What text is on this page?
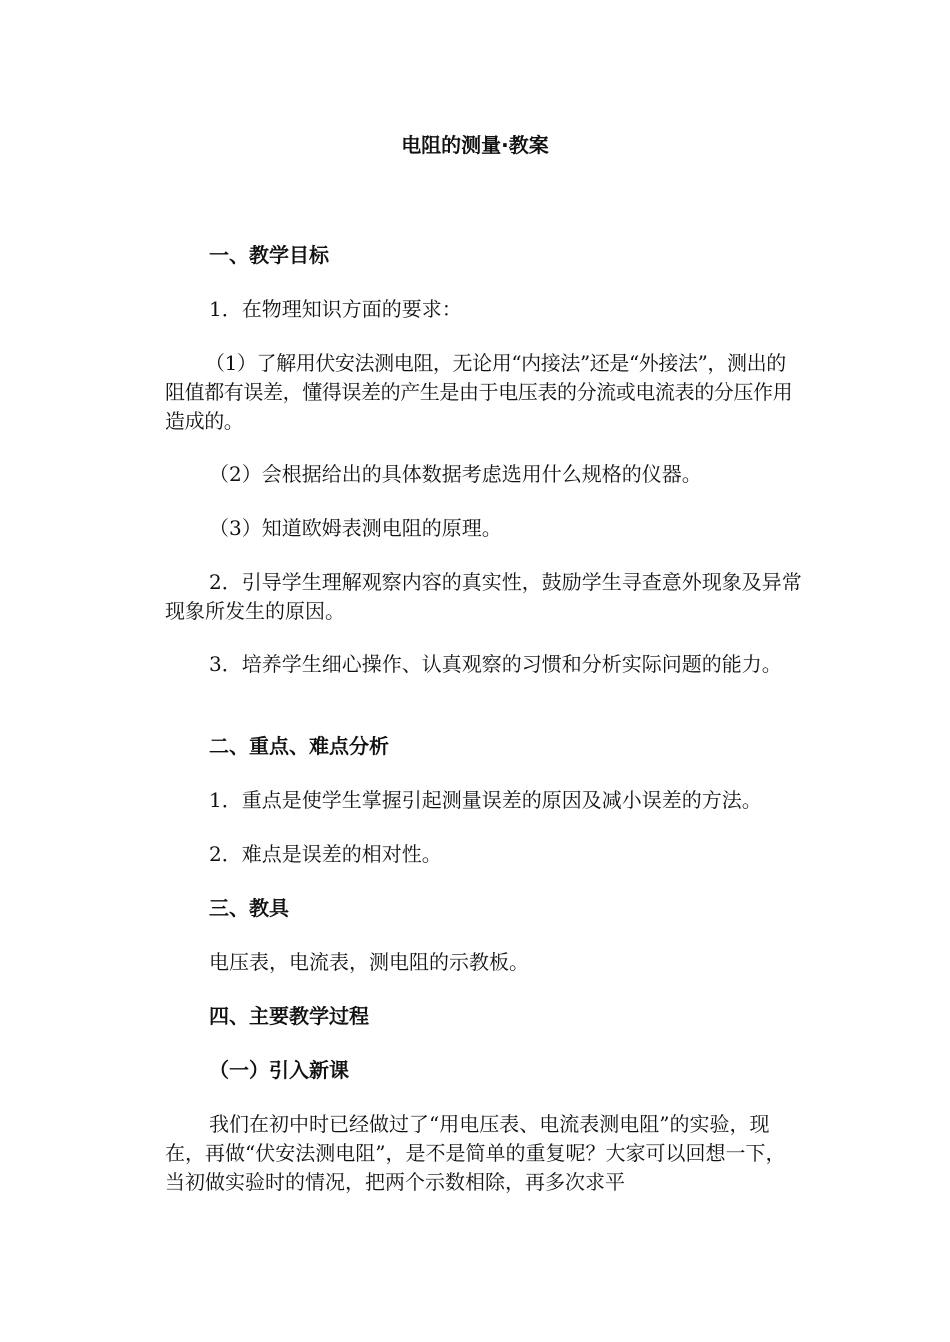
电阻的测量·教案
一、教学目标
1．在物理知识方面的要求：
（1）了解用伏安法测电阻，无论用“内接法”还是“外接法”，测出的阻值都有误差，懂得误差的产生是由于电压表的分流或电流表的分压作用造成的。
（2）会根据给出的具体数据考虑选用什么规格的仪器。
（3）知道欧姆表测电阻的原理。
2．引导学生理解观察内容的真实性，鼓励学生寻查意外现象及异常现象所发生的原因。
3．培养学生细心操作、认真观察的习惯和分析实际问题的能力。
二、重点、难点分析
1．重点是使学生掌握引起测量误差的原因及减小误差的方法。
2．难点是误差的相对性。
三、教具
电压表，电流表，测电阻的示教板。
四、主要教学过程
（一）引入新课
我们在初中时已经做过了“用电压表、电流表测电阻”的实验，现在，再做“伏安法测电阻”，是不是简单的重复呢？大家可以回想一下，当初做实验时的情况，把两个示数相除，再多次求平
